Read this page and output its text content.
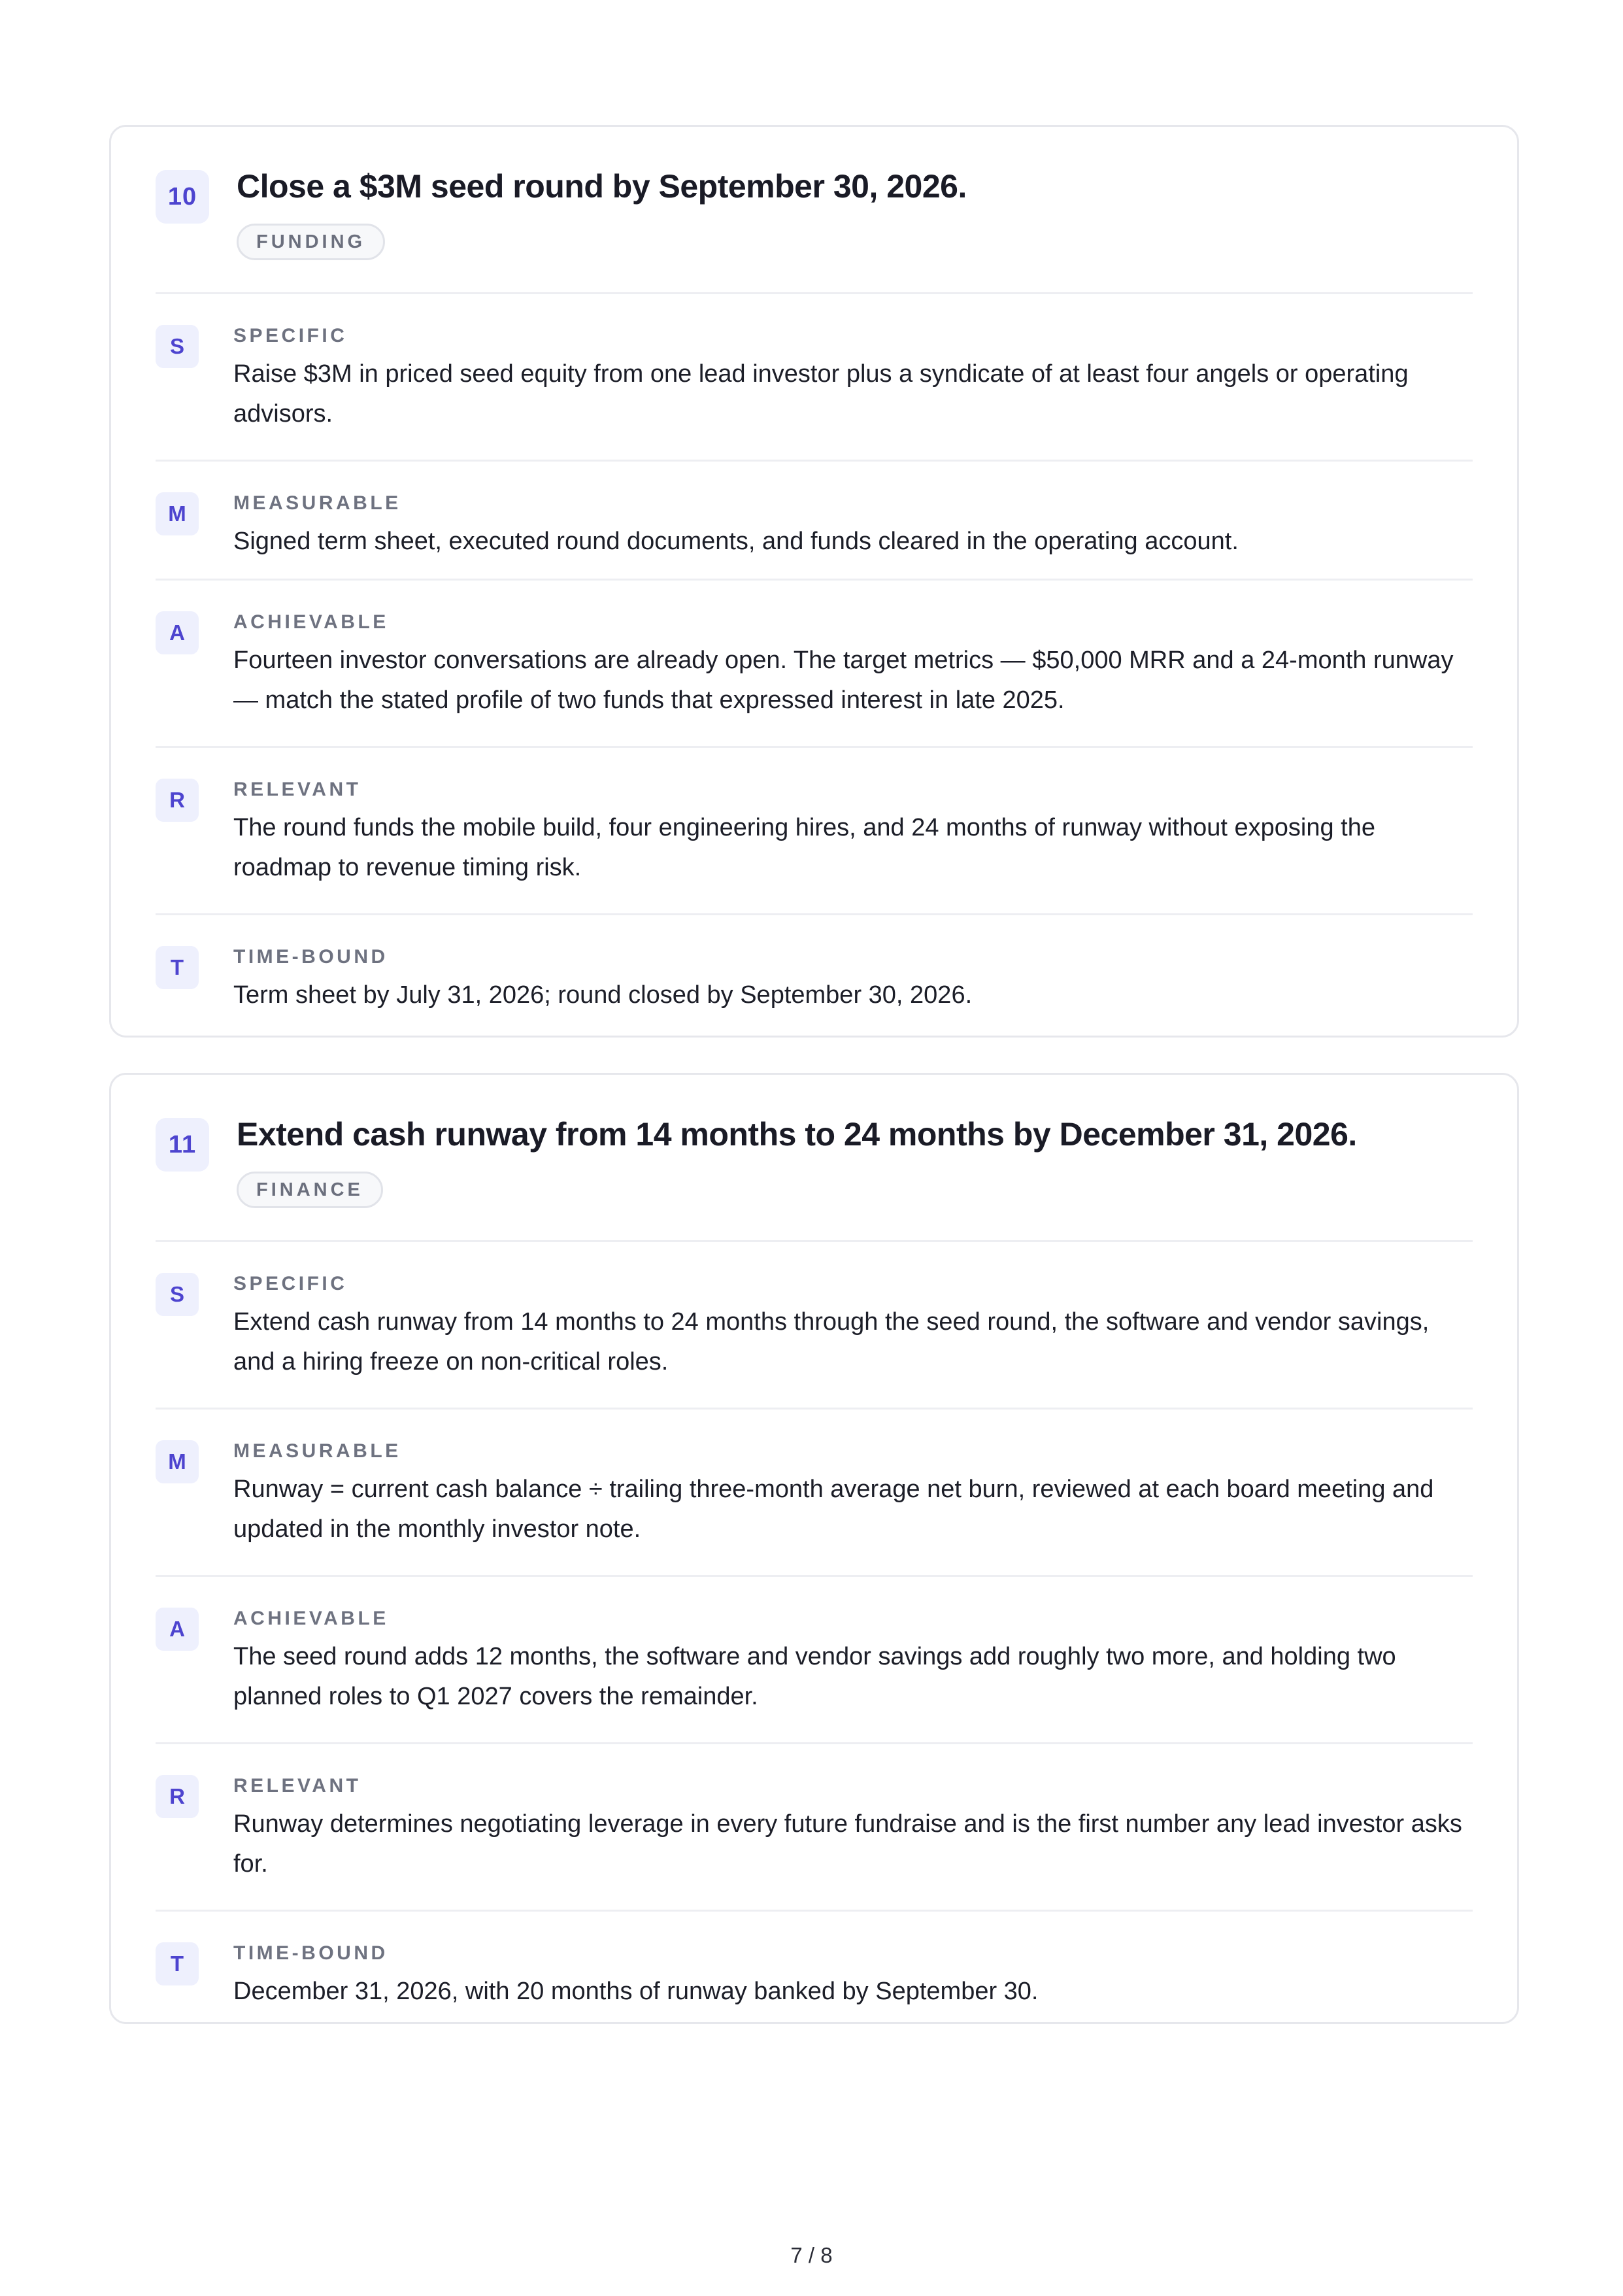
10	Close a $3M seed round by September 30, 2026.
FUNDING
S	SPECIFIC
Raise $3M in priced seed equity from one lead investor plus a syndicate of at least four angels or operating advisors.
M	MEASURABLE
Signed term sheet, executed round documents, and funds cleared in the operating account.
A	ACHIEVABLE
Fourteen investor conversations are already open. The target metrics — $50,000 MRR and a 24-month runway — match the stated profile of two funds that expressed interest in late 2025.
R	RELEVANT
The round funds the mobile build, four engineering hires, and 24 months of runway without exposing the roadmap to revenue timing risk.
T	TIME-BOUND
Term sheet by July 31, 2026; round closed by September 30, 2026.
11	Extend cash runway from 14 months to 24 months by December 31, 2026.
FINANCE
S	SPECIFIC
Extend cash runway from 14 months to 24 months through the seed round, the software and vendor savings, and a hiring freeze on non-critical roles.
M	MEASURABLE
Runway = current cash balance ÷ trailing three-month average net burn, reviewed at each board meeting and updated in the monthly investor note.
A	ACHIEVABLE
The seed round adds 12 months, the software and vendor savings add roughly two more, and holding two planned roles to Q1 2027 covers the remainder.
R	RELEVANT
Runway determines negotiating leverage in every future fundraise and is the first number any lead investor asks for.
T	TIME-BOUND
December 31, 2026, with 20 months of runway banked by September 30.
7 / 8
